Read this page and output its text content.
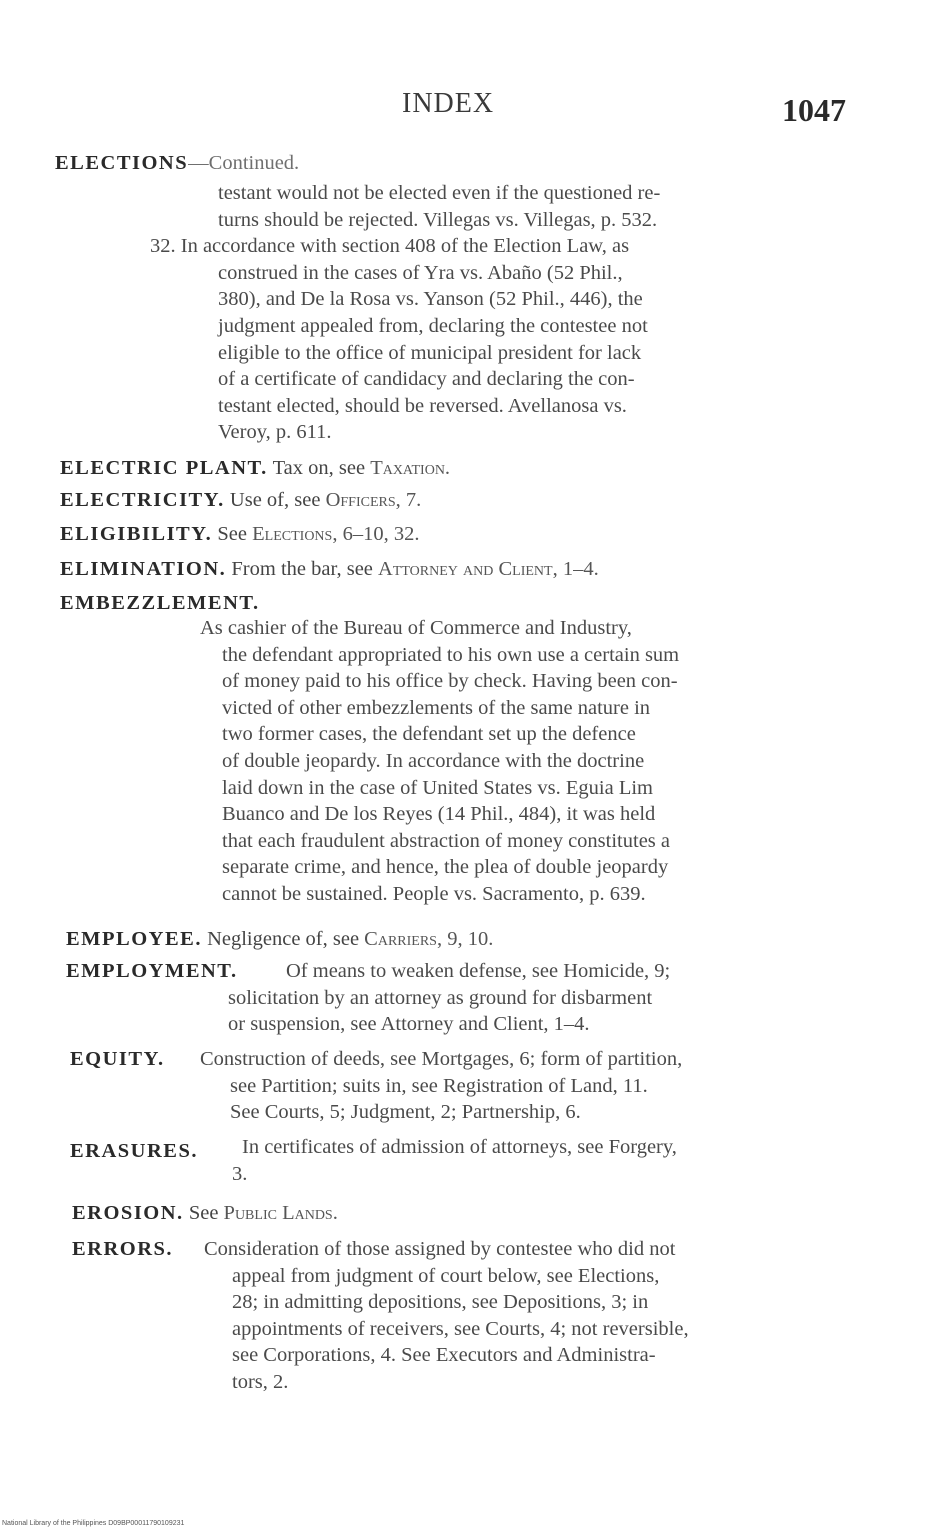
INDEX	1047
ELECTIONS—Continued.
testant would not be elected even if the questioned re-
turns should be rejected. Villegas vs. Villegas, p. 532.
32. In accordance with section 408 of the Election Law, as
construed in the cases of Yra vs. Abaño (52 Phil.,
380), and De la Rosa vs. Yanson (52 Phil., 446), the
judgment appealed from, declaring the contestee not
eligible to the office of municipal president for lack
of a certificate of candidacy and declaring the con-
testant elected, should be reversed. Avellanosa vs.
Veroy, p. 611.
ELECTRIC PLANT. Tax on, see Taxation.
ELECTRICITY. Use of, see Officers, 7.
ELIGIBILITY. See Elections, 6–10, 32.
ELIMINATION. From the bar, see Attorney and Client, 1–4.
EMBEZZLEMENT.
As cashier of the Bureau of Commerce and Industry,
the defendant appropriated to his own use a certain sum
of money paid to his office by check. Having been con-
victed of other embezzlements of the same nature in
two former cases, the defendant set up the defence
of double jeopardy. In accordance with the doctrine
laid down in the case of United States vs. Eguia Lim
Buanco and De los Reyes (14 Phil., 484), it was held
that each fraudulent abstraction of money constitutes a
separate crime, and hence, the plea of double jeopardy
cannot be sustained. People vs. Sacramento, p. 639.
EMPLOYEE. Negligence of, see Carriers, 9, 10.
EMPLOYMENT. Of means to weaken defense, see Homicide, 9;
solicitation by an attorney as ground for disbarment
or suspension, see Attorney and Client, 1–4.
EQUITY. Construction of deeds, see Mortgages, 6; form of partition,
see Partition; suits in, see Registration of Land, 11.
See Courts, 5; Judgment, 2; Partnership, 6.
ERASURES. In certificates of admission of attorneys, see Forgery,
3.
EROSION. See Public Lands.
ERRORS. Consideration of those assigned by contestee who did not
appeal from judgment of court below, see Elections,
28; in admitting depositions, see Depositions, 3; in
appointments of receivers, see Courts, 4; not reversible,
see Corporations, 4. See Executors and Administra-
tors, 2.
National Library of the Philippines D09BP00011790109231
